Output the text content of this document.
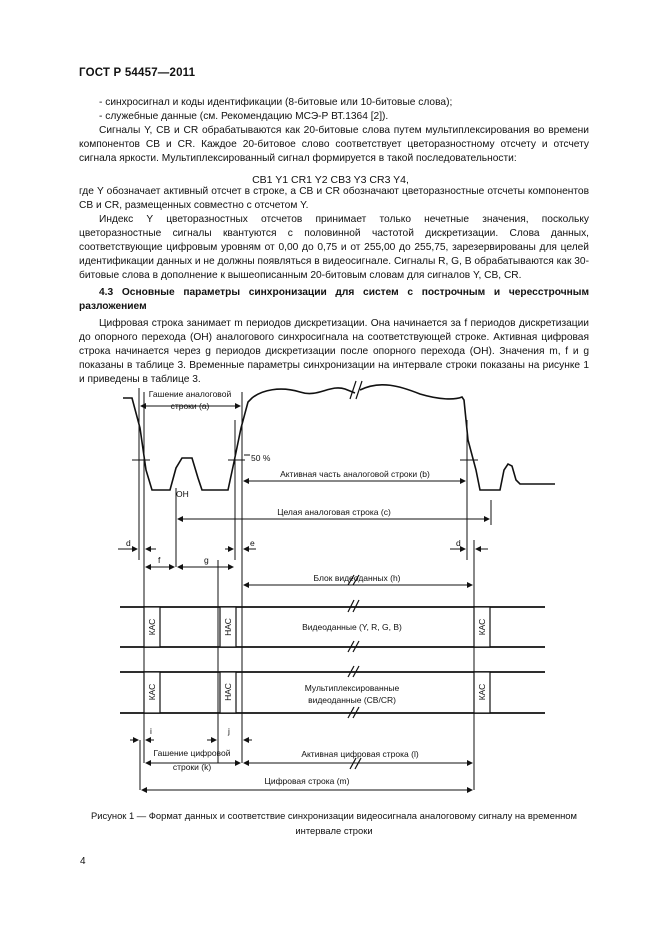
ГОСТ Р 54457—2011

- синхросигнал и коды идентификации (8-битовые или 10-битовые слова);

- служебные данные (см. Рекомендацию МСЭ-Р ВТ.1364 [2]).

Сигналы Y, CB и CR обрабатываются как 20-битовые слова путем мультиплексирования во времени компонентов CB и CR. Каждое 20-битовое слово соответствует цветоразностному отсчету и отсчету сигнала яркости. Мультиплексированный сигнал формируется в такой последовательности:

CB1 Y1 CR1 Y2 CB3 Y3 CR3 Y4,

где Y обозначает активный отсчет в строке, a CB и CR обозначают цветоразностные отсчеты компонентов CB и CR, размещенных совместно с отсчетом Y.

Индекс Y цветоразностных отсчетов принимает только нечетные значения, поскольку цветоразностные сигналы квантуются с половинной частотой дискретизации. Слова данных, соответствующие цифровым уровням от 0,00 до 0,75 и от 255,00 до 255,75, зарезервированы для целей идентификации данных и не должны появляться в видеосигнале. Сигналы R, G, B обрабатываются как 30-битовые слова в дополнение к вышеописанным 20-битовым словам для сигналов Y, CB, CR.

4.3 Основные параметры синхронизации для систем с построчным и чересстрочным разложением

Цифровая строка занимает m периодов дискретизации. Она начинается за f периодов дискретизации до опорного перехода (OH) аналогового синхросигнала на соответствующей строке. Активная цифровая строка начинается через g периодов дискретизации после опорного перехода (OH). Значения m, f и g показаны в таблице 3. Временные параметры синхронизации на интервале строки показаны на рисунке 1 и приведены в таблице 3.

Гашение аналоговой
строки (a)
50 %
Активная часть аналоговой строки (b)
OH
Целая аналоговая строка (c)
d
f	g
e	d
Блок видеоданных (h)
Видеоданные (Y, R, G, B)
Мультиплексированные
видеоданные (CB/CR)
КАС	НАС	КАС
КАС	НАС	КАС
i	j
Гашение цифровой
строки (k)
Активная цифровая строка (l)
Цифровая строка (m)
Рисунок 1 — Формат данных и соответствие синхронизации видеосигнала аналоговому сигналу на временном интервале строки
4
